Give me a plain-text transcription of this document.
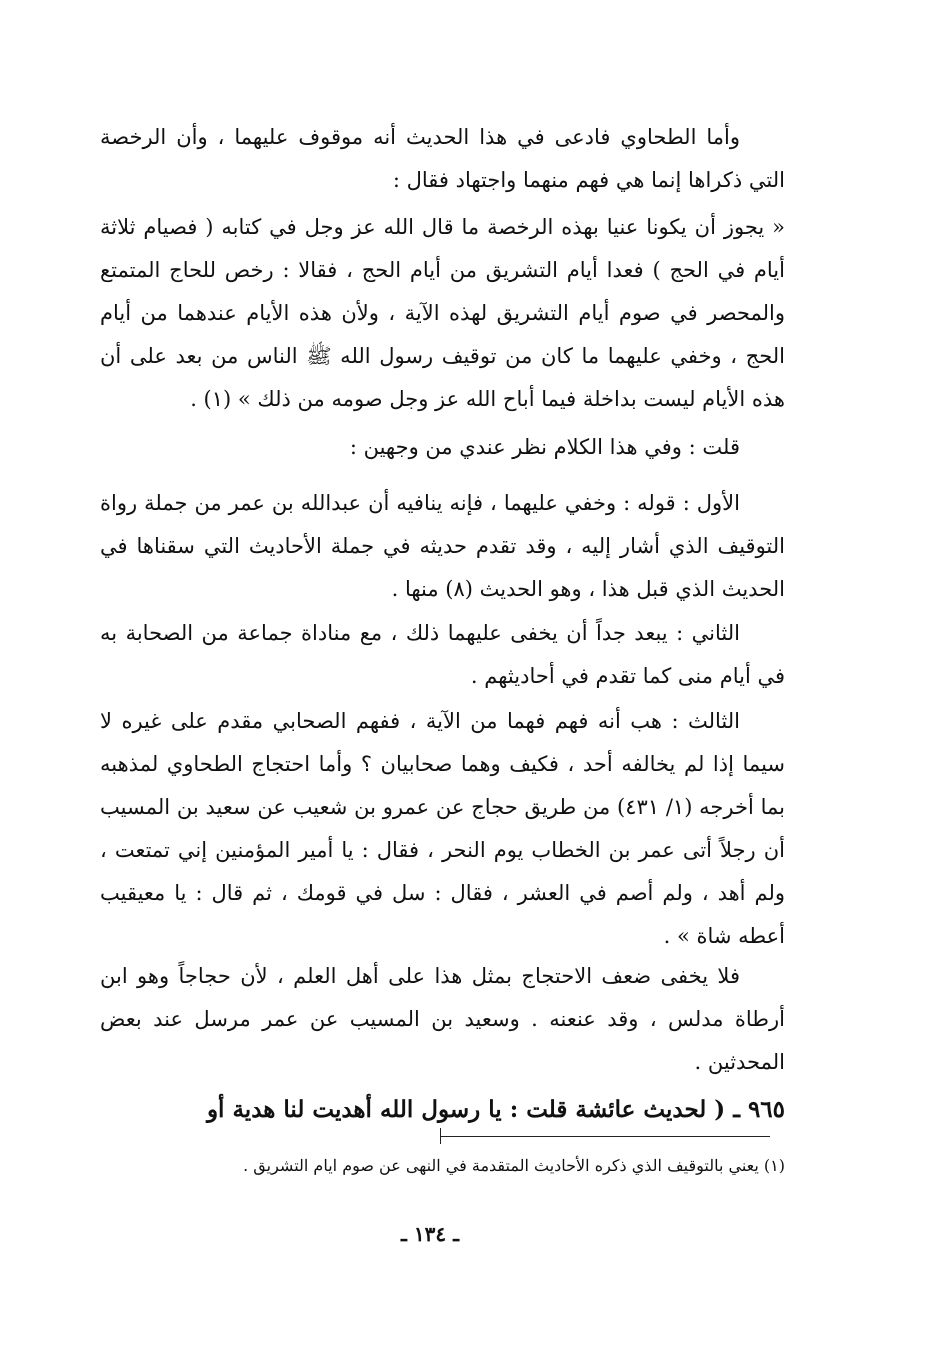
وأما الطحاوي فادعى في هذا الحديث أنه موقوف عليهما ، وأن الرخصة التي ذكراها إنما هي فهم منهما واجتهاد فقال :

« يجوز أن يكونا عنيا بهذه الرخصة ما قال الله عز وجل في كتابه ( فصيام ثلاثة أيام في الحج ) فعدا أيام التشريق من أيام الحج ، فقالا : رخص للحاج المتمتع والمحصر في صوم أيام التشريق لهذه الآية ، ولأن هذه الأيام عندهما من أيام الحج ، وخفي عليهما ما كان من توقيف رسول الله ﷺ الناس من بعد على أن هذه الأيام ليست بداخلة فيما أباح الله عز وجل صومه من ذلك » (١) .

قلت : وفي هذا الكلام نظر عندي من وجهين :

الأول : قوله : وخفي عليهما ، فإنه ينافيه أن عبدالله بن عمر من جملة رواة التوقيف الذي أشار إليه ، وقد تقدم حديثه في جملة الأحاديث التي سقناها في الحديث الذي قبل هذا ، وهو الحديث (٨) منها .

الثاني : يبعد جداً أن يخفى عليهما ذلك ، مع مناداة جماعة من الصحابة به في أيام منى كما تقدم في أحاديثهم .

الثالث : هب أنه فهم فهما من الآية ، ففهم الصحابي مقدم على غيره لا سيما إذا لم يخالفه أحد ، فكيف وهما صحابيان ؟ وأما احتجاج الطحاوي لمذهبه بما أخرجه (١/ ٤٣١) من طريق حجاج عن عمرو بن شعيب عن سعيد بن المسيب أن رجلاً أتى عمر بن الخطاب يوم النحر ، فقال : يا أمير المؤمنين إني تمتعت ، ولم أهد ، ولم أصم في العشر ، فقال : سل في قومك ، ثم قال : يا معيقيب أعطه شاة » .

فلا يخفى ضعف الاحتجاج بمثل هذا على أهل العلم ، لأن حجاجاً وهو ابن أرطاة مدلس ، وقد عنعنه . وسعيد بن المسيب عن عمر مرسل عند بعض المحدثين .

٩٦٥ ـ ( لحديث عائشة قلت : يا رسول الله أهديت لنا هدية أو
(١) يعني بالتوقيف الذي ذكره الأحاديث المتقدمة في النهى عن صوم ايام التشريق .
ـ ١٣٤ ـ
